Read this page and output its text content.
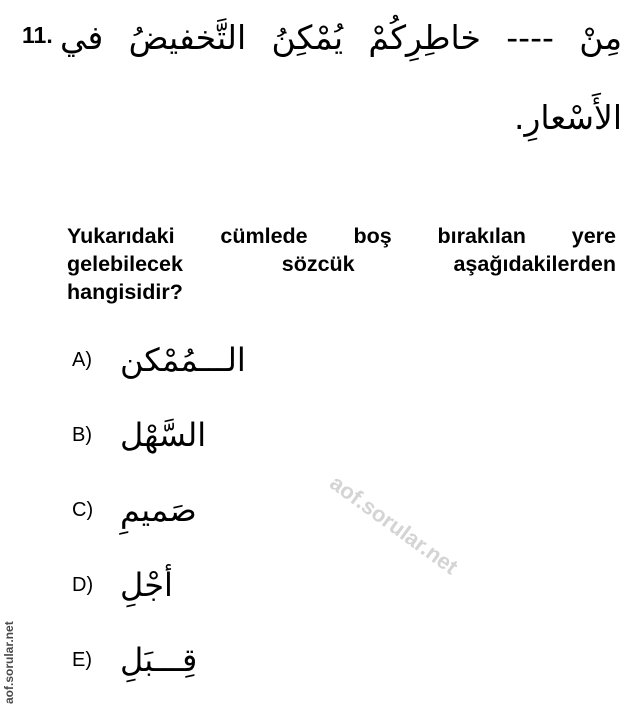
11. مِنْ ---- خاطِرِكُمْ يُمْكِنُ التَّخفيضُ في
الأَسْعارِ.
Yukarıdaki cümlede boş bırakılan yere
gelebilecek sözcük aşağıdakilerden
hangisidir?
A) الـــمُمْكن
B) السَّهْل
C) صَميمِ
D) أجْلِ
E) قِـــبَلِ
aof.sorular.net
aof.sorular.net
